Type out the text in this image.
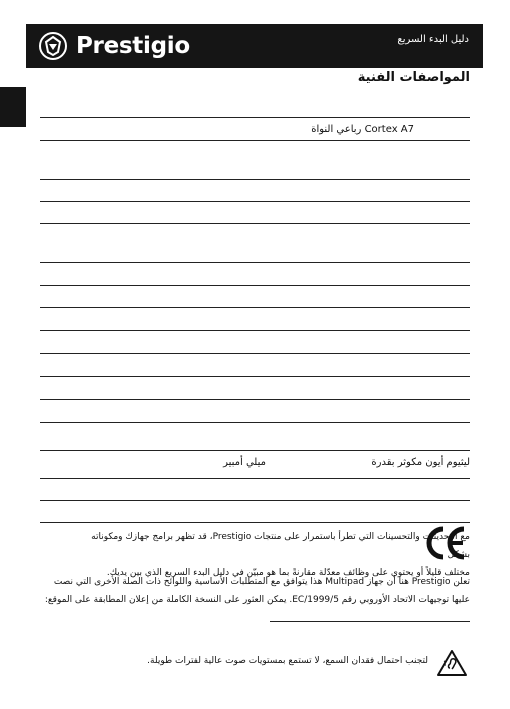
Prestigio	دليل البدء السريع
المواصفات الفنية
Cortex A7 رباعي النواة
ليثيوم أيون مكوثر بقدرة
ميلي أمبير
مع التحديثات والتحسينات التي تطرأ باستمرار على منتجات Prestigio، قد تظهر برامج جهازك ومكوناته بشكل
مختلف قليلاً أو يحتوي على وظائف معدّلة مقارنةً بما هو مبيّن في دليل البدء السريع الذي بين يديك.
تعلن Prestigio هنا أن جهاز Multipad هذا يتوافق مع المتطلبات الأساسية واللوائح ذات الصلة الأخرى التي نصت
عليها توجيهات الاتحاد الأوروبي رقم EC/1999/5. يمكن العثور على النسخة الكاملة من إعلان المطابقة على الموقع:
لتجنب احتمال فقدان السمع، لا تستمع بمستويات صوت عالية لفترات طويلة.
